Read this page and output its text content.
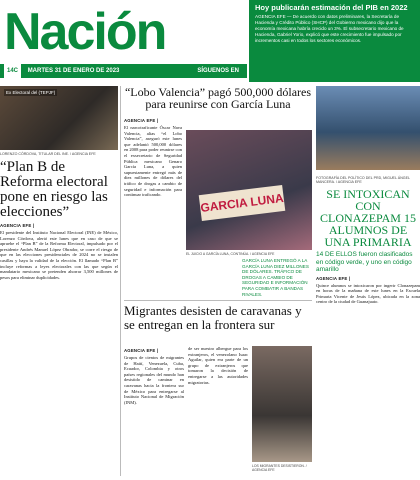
Nación
14C MARTES 31 DE ENERO DE 2023	SÍGUENOS EN
Hoy publicarán estimación del PIB en 2022
AGENCIA EFE — De acuerdo con datos preliminares, la Secretaría de Hacienda y Crédito Público (SHCP) del Gobierno mexicano dijo que la economía mexicana habría crecido un 3%. El subsecretario mexicano de Hacienda, Gabriel Yorio, explicó que este crecimiento fue impulsado por incrementos casi en todos los sectores económicos.
Ex Electoral del (TEPJF)
LORENZO CÓRDOVA, TITULAR DEL INE. / AGENCIA EFE
“Plan B de Reforma electoral pone en riesgo las elecciones”
AGENCIA EFE |
El presidente del Instituto Nacional Electoral (INE) de México, Lorenzo Córdova, alertó este lunes que en caso de que se apruebe el “Plan B” de la Reforma Electoral, impulsado por el presidente Andrés Manuel López Obrador, se corre el riesgo de que en las elecciones presidenciales de 2024 no se instalen casillas y haya la validad de la elección. El llamado “Plan B” incluye reformas a leyes electorales con las que según el mandatario mexicano se pretenden ahorrar 3,500 millones de pesos para eliminar duplicidades.
“Lobo Valencia” pagó 500,000 dólares para reunirse con García Luna
AGENCIA EFE |
El narcotraficante Óscar Nava Valencia, alias “el Lobo Valencia”, aseguró este lunes que adelantó 500,000 dólares en 2008 para poder reunirse con el exsecretario de Seguridad Pública mexicano Genaro García Luna, a quien supuestamente entregó más de diez millones de dólares del tráfico de drogas a cambio de seguridad e información para continuar traficando.	GARCIA LUNA
EL JUICIO A GARCÍA LUNA, CONTINÚA. / AGENCIA EFE
GARCÍA LUNA ENTREGÓ A LA GARCÍA LUNA DIEZ MILLONES DE DÓLARES. TRÁFICO DE DROGAS A CAMBIO DE SEGURIDAD E INFORMACIÓN PARA COMBATIR A BANDAS RIVALES.
FOTOGRAFÍA DEL POLÍTICO DEL PRD, MIGUEL ÁNGEL MANCERA. / AGENCIA EFE
SE INTOXICAN CON CLONAZEPAM 15 ALUMNOS DE UNA PRIMARIA
14 DE ELLOS fueron clasificados en código verde, y uno en código amarillo
AGENCIA EFE |
Quince alumnos se intoxicaron por ingerir Clonazepam en horas de la mañana de este lunes en la Escuela Primaria Vicente de Jesús López, ubicada en la zona centro de la ciudad de Guanajuato.
Migrantes desisten de caravanas y se entregan en la frontera sur
AGENCIA EFE |
Grupos de cientos de migrantes de Haití, Venezuela, Cuba, Ecuador, Colombia y otros países regionales del mundo han desistido de caminar en caravanas hacia la frontera sur de México para entregarse al Instituto Nacional de Migración (INM).
de ser nuestro albergue para los extranjeros, el venezolano Isaac Aguilar, quien era parte de un grupo de extranjeros que tomaron la decisión de entregarse a las autoridades migratorias.
LOS MIGRANTES DESISTIERON. / AGENCIA EFE
